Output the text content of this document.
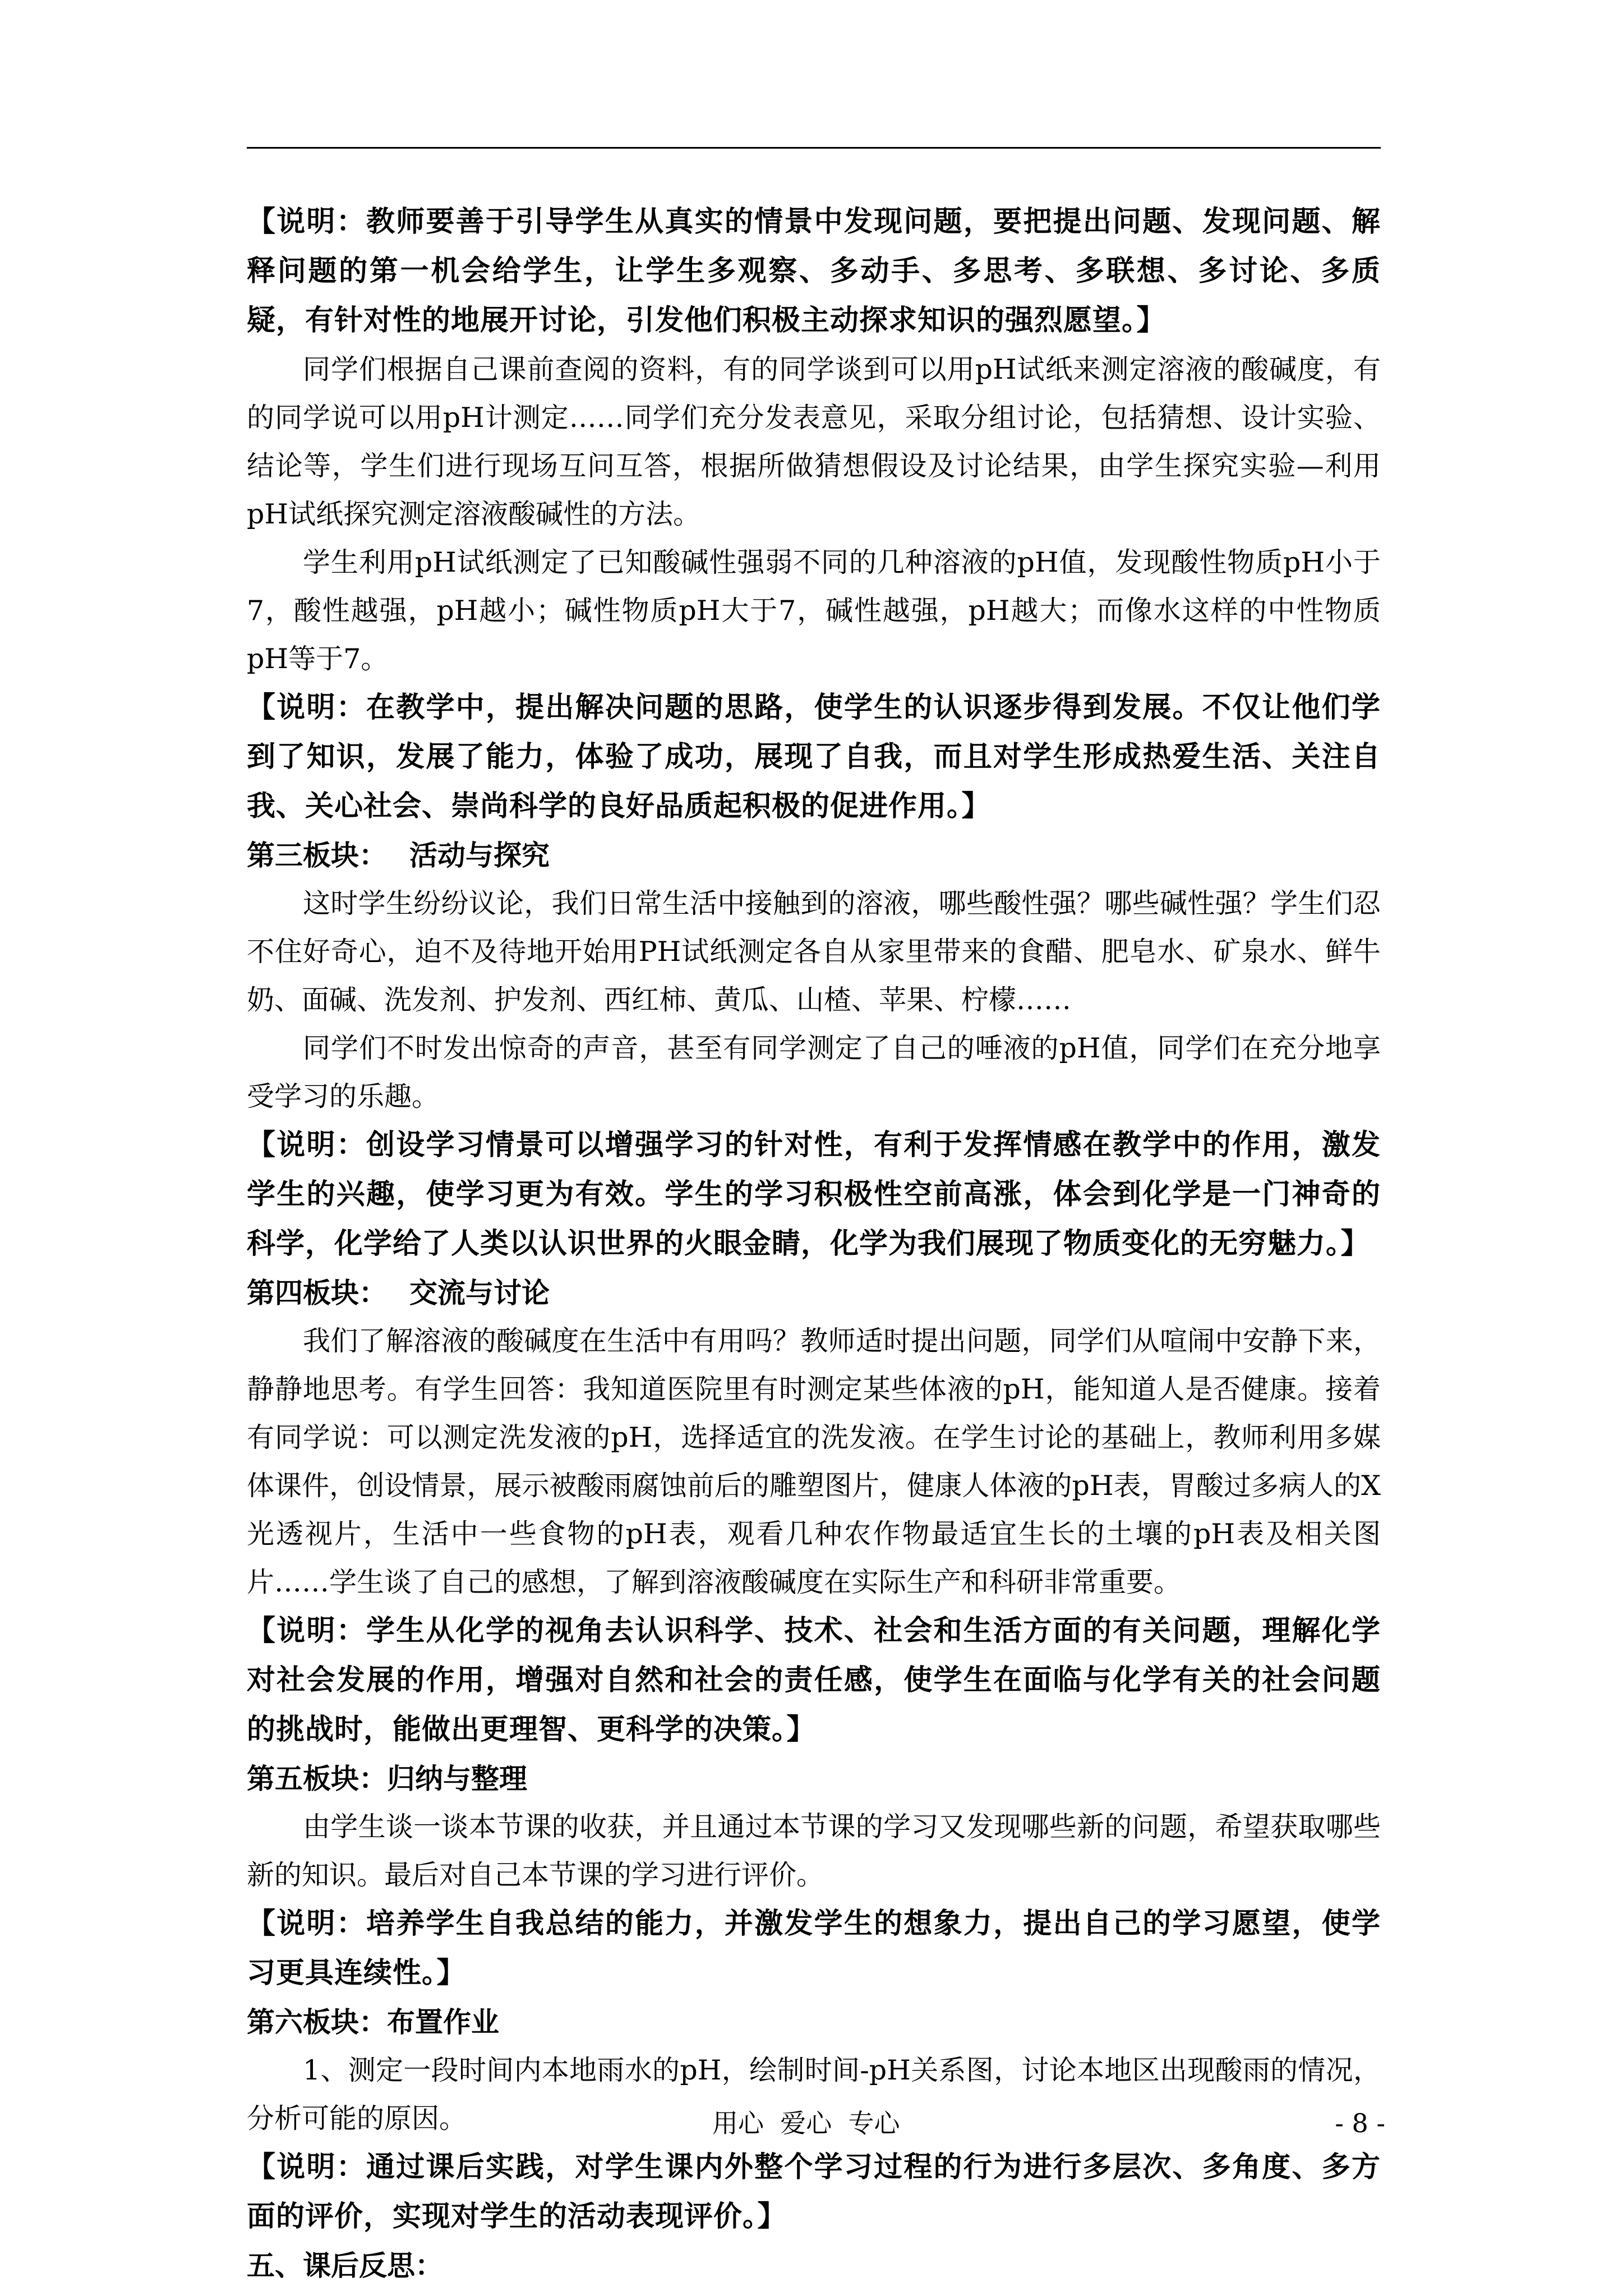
【说明：教师要善于引导学生从真实的情景中发现问题，要把提出问题、发现问题、解释问题的第一机会给学生，让学生多观察、多动手、多思考、多联想、多讨论、多质疑，有针对性的地展开讨论，引发他们积极主动探求知识的强烈愿望。】

同学们根据自己课前查阅的资料，有的同学谈到可以用pH试纸来测定溶液的酸碱度，有的同学说可以用pH计测定……同学们充分发表意见，采取分组讨论，包括猜想、设计实验、结论等，学生们进行现场互问互答，根据所做猜想假设及讨论结果，由学生探究实验—利用pH试纸探究测定溶液酸碱性的方法。

学生利用pH试纸测定了已知酸碱性强弱不同的几种溶液的pH值，发现酸性物质pH小于7，酸性越强，pH越小；碱性物质pH大于7，碱性越强，pH越大；而像水这样的中性物质pH等于7。

【说明：在教学中，提出解决问题的思路，使学生的认识逐步得到发展。不仅让他们学到了知识，发展了能力，体验了成功，展现了自我，而且对学生形成热爱生活、关注自我、关心社会、崇尚科学的良好品质起积极的促进作用。】

第三板块： 活动与探究

这时学生纷纷议论，我们日常生活中接触到的溶液，哪些酸性强？哪些碱性强？学生们忍不住好奇心，迫不及待地开始用PH试纸测定各自从家里带来的食醋、肥皂水、矿泉水、鲜牛奶、面碱、洗发剂、护发剂、西红柿、黄瓜、山楂、苹果、柠檬……

同学们不时发出惊奇的声音，甚至有同学测定了自己的唾液的pH值，同学们在充分地享受学习的乐趣。

【说明：创设学习情景可以增强学习的针对性，有利于发挥情感在教学中的作用，激发学生的兴趣，使学习更为有效。学生的学习积极性空前高涨，体会到化学是一门神奇的科学，化学给了人类以认识世界的火眼金睛，化学为我们展现了物质变化的无穷魅力。】

第四板块： 交流与讨论

我们了解溶液的酸碱度在生活中有用吗？教师适时提出问题，同学们从喧闹中安静下来，静静地思考。有学生回答：我知道医院里有时测定某些体液的pH，能知道人是否健康。接着有同学说：可以测定洗发液的pH，选择适宜的洗发液。在学生讨论的基础上，教师利用多媒体课件，创设情景，展示被酸雨腐蚀前后的雕塑图片，健康人体液的pH表，胃酸过多病人的X光透视片，生活中一些食物的pH表，观看几种农作物最适宜生长的土壤的pH表及相关图片……学生谈了自己的感想，了解到溶液酸碱度在实际生产和科研非常重要。

【说明：学生从化学的视角去认识科学、技术、社会和生活方面的有关问题，理解化学对社会发展的作用，增强对自然和社会的责任感，使学生在面临与化学有关的社会问题的挑战时，能做出更理智、更科学的决策。】

第五板块：归纳与整理

由学生谈一谈本节课的收获，并且通过本节课的学习又发现哪些新的问题，希望获取哪些新的知识。最后对自己本节课的学习进行评价。

【说明：培养学生自我总结的能力，并激发学生的想象力，提出自己的学习愿望，使学习更具连续性。】

第六板块：布置作业

1、测定一段时间内本地雨水的pH，绘制时间-pH关系图，讨论本地区出现酸雨的情况，分析可能的原因。

【说明：通过课后实践，对学生课内外整个学习过程的行为进行多层次、多角度、多方面的评价，实现对学生的活动表现评价。】

五、课后反思：

用心  爱心  专心	- 8 -
